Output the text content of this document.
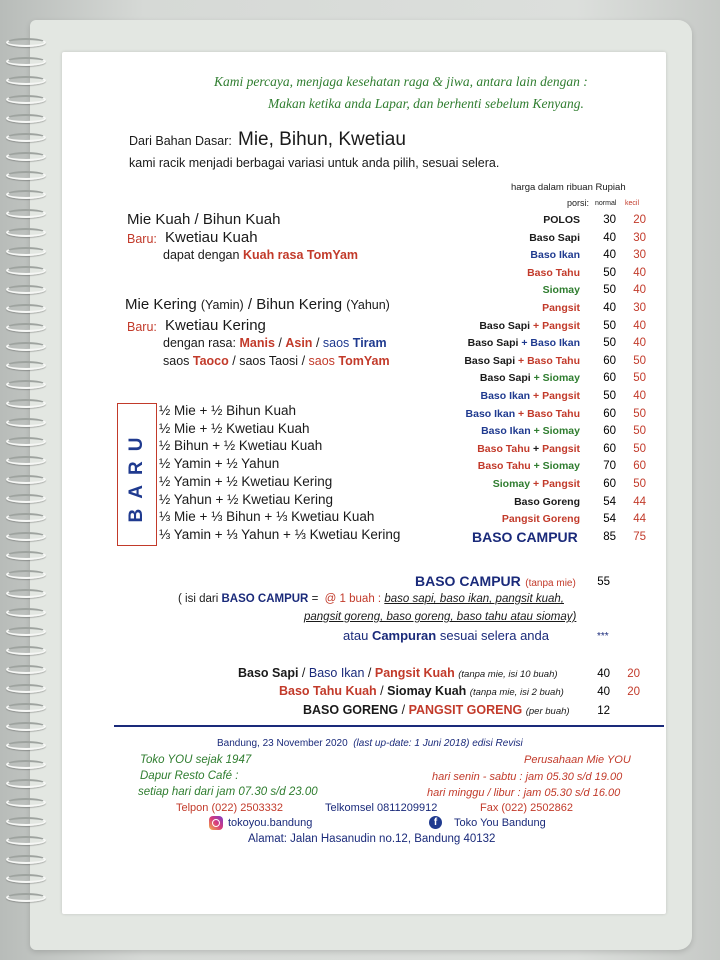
Kami percaya, menjaga kesehatan raga & jiwa, antara lain dengan :
Makan ketika anda Lapar, dan berhenti sebelum Kenyang.
Dari Bahan Dasar: Mie, Bihun, Kwetiau
kami racik menjadi berbagai variasi untuk anda pilih, sesuai selera.
harga dalam ribuan Rupiah
porsi: normal kecil
Mie Kuah / Bihun Kuah
Baru: Kwetiau Kuah
dapat dengan Kuah rasa TomYam
Mie Kering (Yamin) / Bihun Kering (Yahun)
Baru: Kwetiau Kering
dengan rasa: Manis / Asin / saos Tiram
saos Taoco / saos Taosi / saos TomYam
BARU
½ Mie + ½ Bihun Kuah
½ Mie + ½ Kwetiau Kuah
½ Bihun + ½ Kwetiau Kuah
½ Yamin + ½ Yahun
½ Yamin + ½ Kwetiau Kering
½ Yahun + ½ Kwetiau Kering
⅓ Mie + ⅓ Bihun + ⅓ Kwetiau Kuah
⅓ Yamin + ⅓ Yahun + ⅓ Kwetiau Kering
POLOS	30	20
Baso Sapi	40	30
Baso Ikan	40	30
Baso Tahu	50	40
Siomay	50	40
Pangsit	40	30
Baso Sapi + Pangsit	50	40
Baso Sapi + Baso Ikan	50	40
Baso Sapi + Baso Tahu	60	50
Baso Sapi + Siomay	60	50
Baso Ikan + Pangsit	50	40
Baso Ikan + Baso Tahu	60	50
Baso Ikan + Siomay	60	50
Baso Tahu + Pangsit	60	50
Baso Tahu + Siomay	70	60
Siomay + Pangsit	60	50
Baso Goreng	54	44
Pangsit Goreng	54	44
BASO CAMPUR	85	75
BASO CAMPUR (tanpa mie)	55
( isi dari BASO CAMPUR = @ 1 buah : baso sapi, baso ikan, pangsit kuah,
pangsit goreng, baso goreng, baso tahu atau siomay)
atau Campuran sesuai selera anda	***
Baso Sapi / Baso Ikan / Pangsit Kuah (tanpa mie, isi 10 buah)	40	20
Baso Tahu Kuah / Siomay Kuah (tanpa mie, isi 2 buah)	40	20
BASO GORENG / PANGSIT GORENG (per buah)	12
Bandung, 23 November 2020 (last up-date: 1 Juni 2018) edisi Revisi
Toko YOU sejak 1947	Perusahaan Mie YOU
Dapur Resto Café :	hari senin - sabtu : jam 05.30 s/d 19.00
setiap hari dari jam 07.30 s/d 23.00	hari minggu / libur : jam 05.30 s/d 16.00
Telpon (022) 2503332	Telkomsel 0811209912	Fax (022) 2502862
tokoyou.bandung	f	Toko You Bandung
Alamat: Jalan Hasanudin no.12, Bandung 40132
